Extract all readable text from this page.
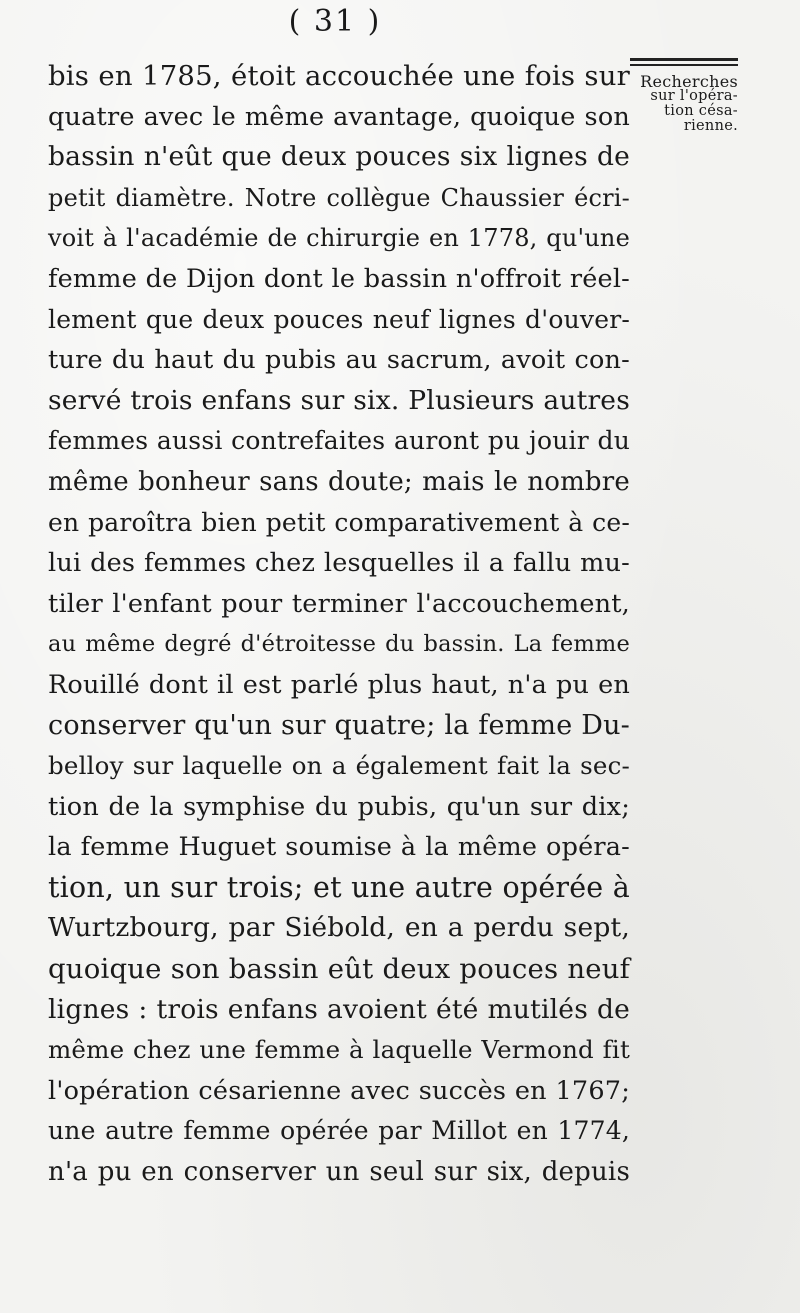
( 31 )
bis en 1785, étoit accouchée une fois sur
quatre avec le même avantage, quoique son
bassin n'eût que deux pouces six lignes de
petit diamètre. Notre collègue Chaussier écri-
voit à l'académie de chirurgie en 1778, qu'une
femme de Dijon dont le bassin n'offroit réel-
lement que deux pouces neuf lignes d'ouver-
ture du haut du pubis au sacrum, avoit con-
servé trois enfans sur six. Plusieurs autres
femmes aussi contrefaites auront pu jouir du
même bonheur sans doute; mais le nombre
en paroîtra bien petit comparativement à ce-
lui des femmes chez lesquelles il a fallu mu-
tiler l'enfant pour terminer l'accouchement,
au même degré d'étroitesse du bassin. La femme
Rouillé dont il est parlé plus haut, n'a pu en
conserver qu'un sur quatre; la femme Du-
belloy sur laquelle on a également fait la sec-
tion de la symphise du pubis, qu'un sur dix;
la femme Huguet soumise à la même opéra-
tion, un sur trois; et une autre opérée à
Wurtzbourg, par Siébold, en a perdu sept,
quoique son bassin eût deux pouces neuf
lignes : trois enfans avoient été mutilés de
même chez une femme à laquelle Vermond fit
l'opération césarienne avec succès en 1767;
une autre femme opérée par Millot en 1774,
n'a pu en conserver un seul sur six, depuis
Recherches
sur l'opéra-
tion césa-
rienne.
